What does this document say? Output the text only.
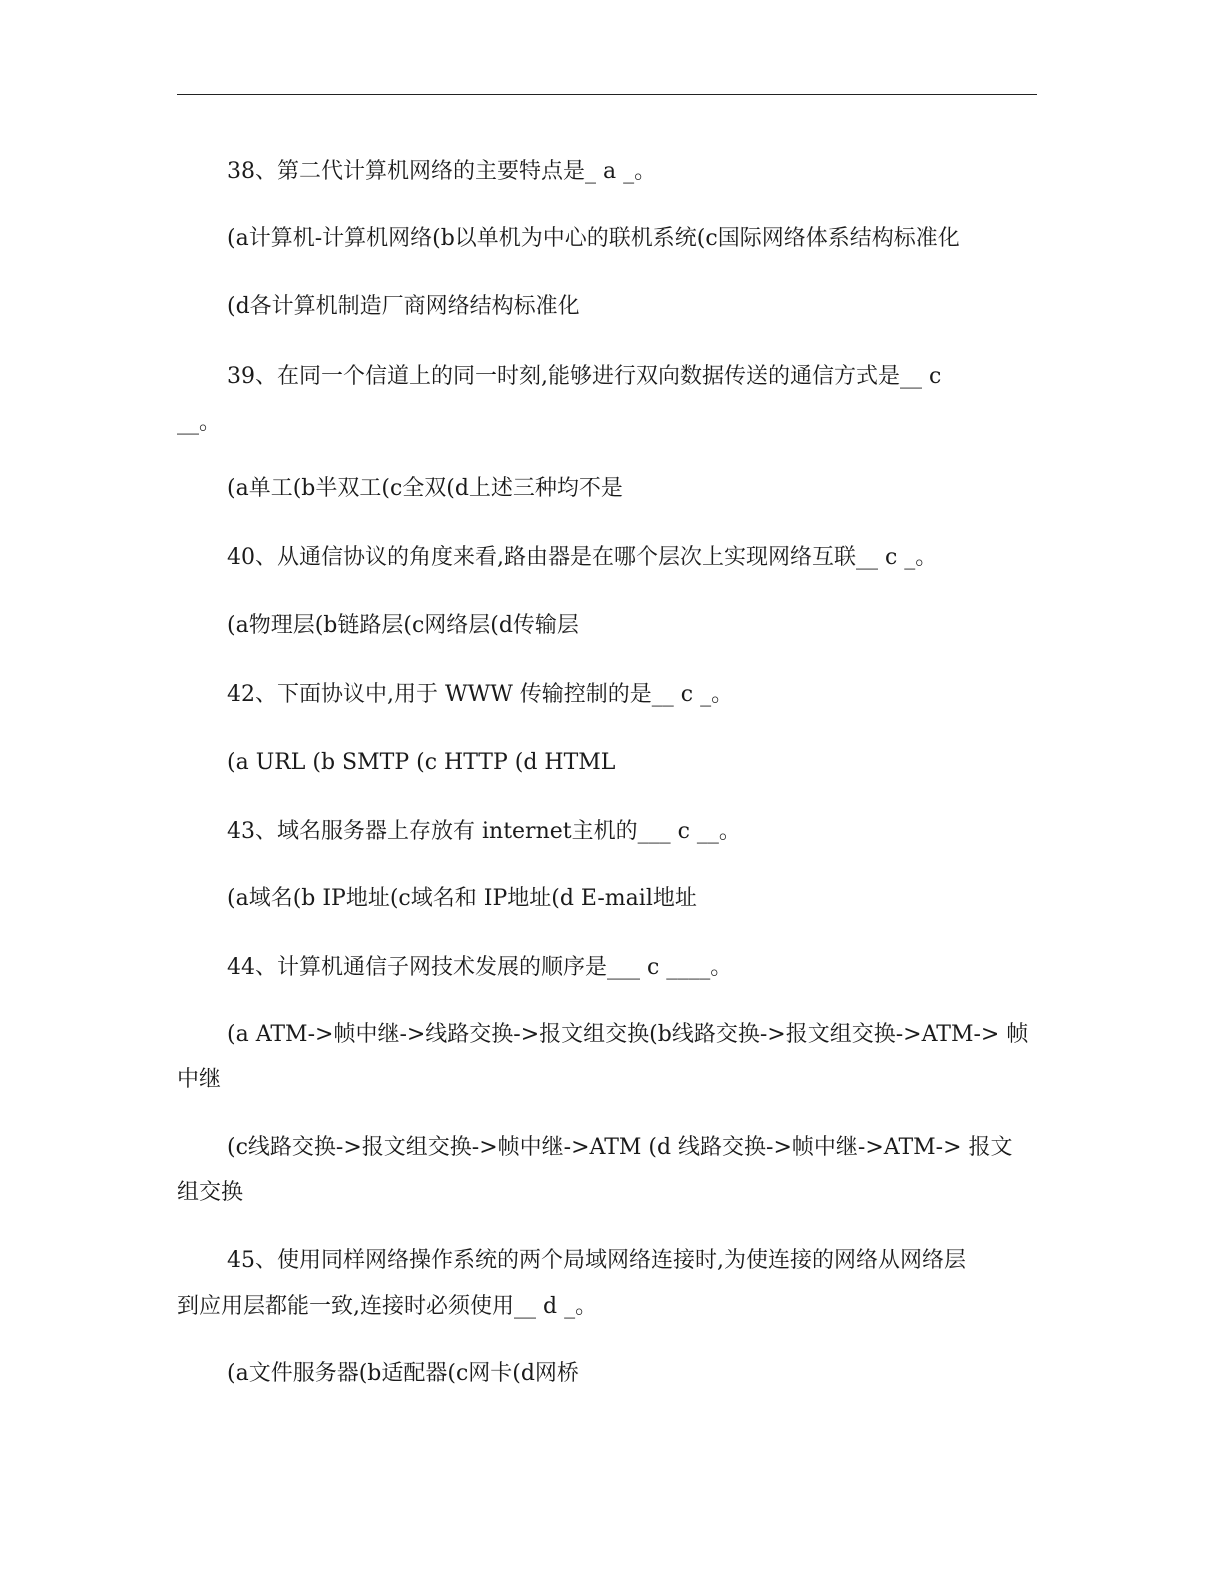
38、第二代计算机网络的主要特点是_ a _。
(a计算机-计算机网络(b以单机为中心的联机系统(c国际网络体系结构标准化
(d各计算机制造厂商网络结构标准化
39、在同一个信道上的同一时刻,能够进行双向数据传送的通信方式是__ c
__。
(a单工(b半双工(c全双(d上述三种均不是
40、从通信协议的角度来看,路由器是在哪个层次上实现网络互联__ c _。
(a物理层(b链路层(c网络层(d传输层
42、下面协议中,用于 WWW 传输控制的是__ c _。
(a URL (b SMTP (c HTTP (d HTML
43、域名服务器上存放有 internet主机的___ c __。
(a域名(b IP地址(c域名和 IP地址(d E-mail地址
44、计算机通信子网技术发展的顺序是___ c ____。
(a ATM->帧中继->线路交换->报文组交换(b线路交换->报文组交换->ATM-> 帧
中继
(c线路交换->报文组交换->帧中继->ATM (d 线路交换->帧中继->ATM-> 报文
组交换
45、使用同样网络操作系统的两个局域网络连接时,为使连接的网络从网络层
到应用层都能一致,连接时必须使用__ d _。
(a文件服务器(b适配器(c网卡(d网桥
